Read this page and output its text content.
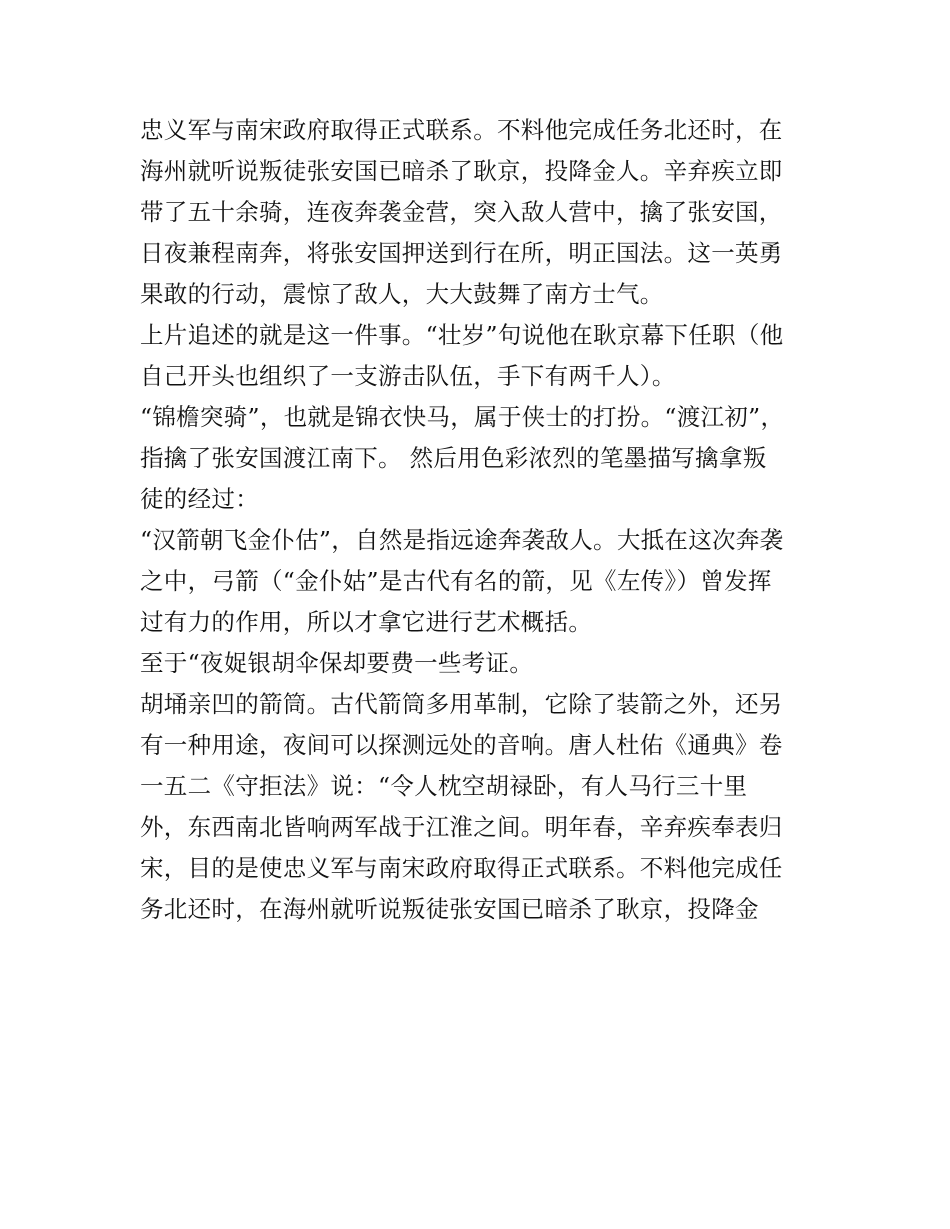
忠义军与南宋政府取得正式联系。不料他完成任务北还时，在
海州就听说叛徒张安国已暗杀了耿京，投降金人。辛弃疾立即
带了五十余骑，连夜奔袭金营，突入敌人营中，擒了张安国，
日夜兼程南奔，将张安国押送到行在所，明正国法。这一英勇
果敢的行动，震惊了敌人，大大鼓舞了南方士气。
上片追述的就是这一件事。“壮岁”句说他在耿京幕下任职（他
自己开头也组织了一支游击队伍，手下有两千人）。
“锦檐突骑”，也就是锦衣快马，属于侠士的打扮。“渡江初”，
指擒了张安国渡江南下。 然后用色彩浓烈的笔墨描写擒拿叛
徒的经过：
“汉箭朝飞金仆估”，自然是指远途奔袭敌人。大抵在这次奔袭
之中，弓箭（“金仆姑”是古代有名的箭，见《左传》）曾发挥
过有力的作用，所以才拿它进行艺术概括。
至于“夜娖银胡伞保却要费一些考证。
胡埇亲凹的箭筒。古代箭筒多用革制，它除了装箭之外，还另
有一种用途，夜间可以探测远处的音响。唐人杜佑《通典》卷
一五二《守拒法》说：“令人枕空胡禄卧，有人马行三十里
外，东西南北皆响两军战于江淮之间。明年春，辛弃疾奉表归
宋，目的是使忠义军与南宋政府取得正式联系。不料他完成任
务北还时，在海州就听说叛徒张安国已暗杀了耿京，投降金
